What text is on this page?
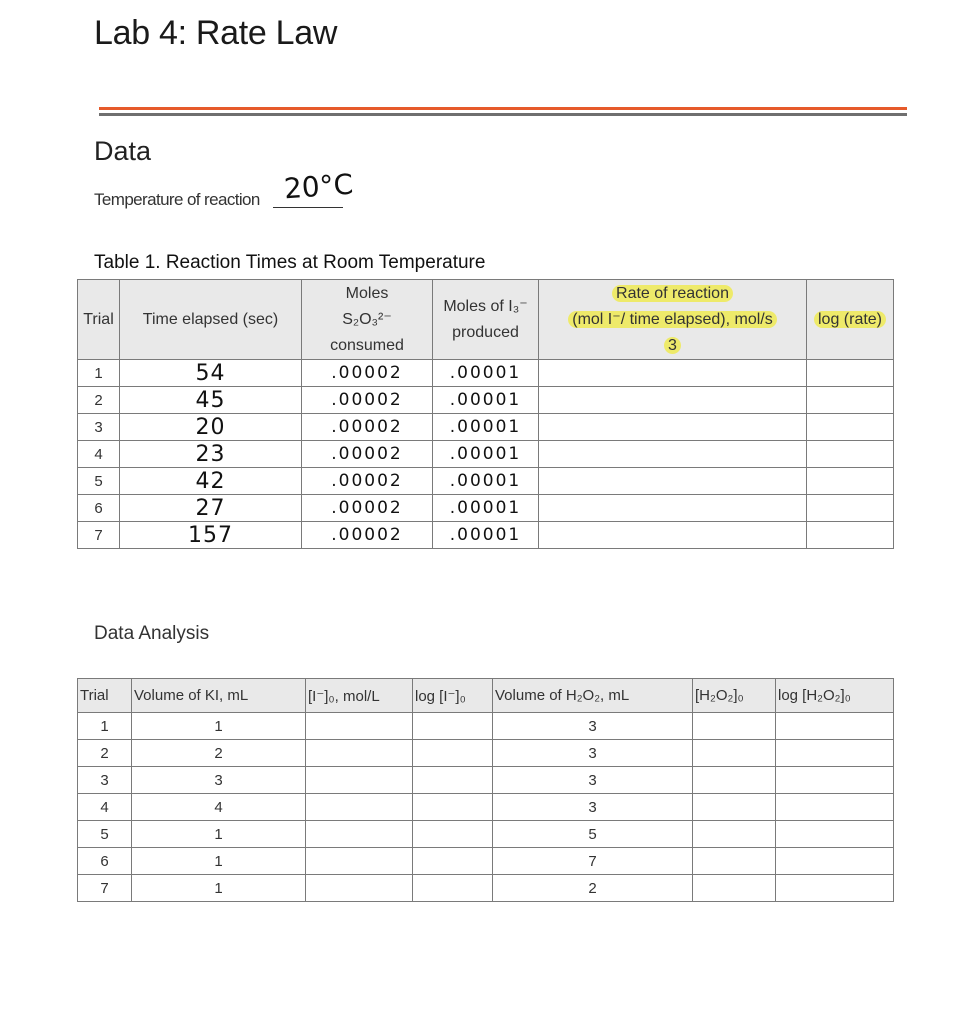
Lab 4: Rate Law
Data
Temperature of reaction 20°C
Table 1. Reaction Times at Room Temperature
Trial	Time elapsed (sec)	Moles
S₂O₃²⁻
consumed	Moles of I₃⁻
produced	Rate of reaction
(mol I⁻/ time elapsed), mol/s
3	log (rate)
1	54	.00002	.00001		
2	45	.00002	.00001		
3	20	.00002	.00001		
4	23	.00002	.00001		
5	42	.00002	.00001		
6	27	.00002	.00001		
7	157	.00002	.00001		
Data Analysis
Trial	Volume of KI, mL	[I⁻]₀, mol/L	log [I⁻]₀	Volume of H₂O₂, mL	[H₂O₂]₀	log [H₂O₂]₀
1	1			3		
2	2			3		
3	3			3		
4	4			3		
5	1			5		
6	1			7		
7	1			2		
